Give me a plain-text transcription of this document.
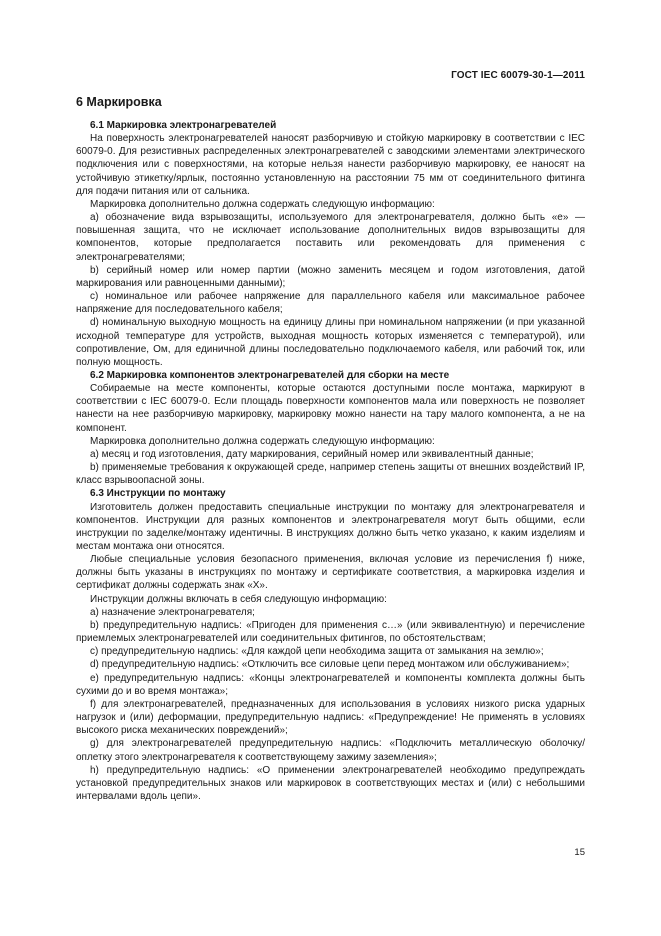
ГОСТ IEC 60079-30-1—2011
6 Маркировка
6.1 Маркировка электронагревателей

На поверхность электронагревателей наносят разборчивую и стойкую маркировку в соответствии с IEC 60079-0. Для резистивных распределенных электронагревателей с заводскими элементами электрического подключения или с поверхностями, на которые нельзя нанести разборчивую маркировку, ее наносят на устойчивую этикетку/ярлык, постоянно установленную на расстоянии 75 мм от соединительного фитинга для подачи питания или от сальника.

Маркировка дополнительно должна содержать следующую информацию:

a) обозначение вида взрывозащиты, используемого для электронагревателя, должно быть «е» — повышенная защита, что не исключает использование дополнительных видов взрывозащиты для компонентов, которые предполагается поставить или рекомендовать для применения с электронагревателями;

b) серийный номер или номер партии (можно заменить месяцем и годом изготовления, датой маркирования или равноценными данными);

c) номинальное или рабочее напряжение для параллельного кабеля или максимальное рабочее напряжение для последовательного кабеля;

d) номинальную выходную мощность на единицу длины при номинальном напряжении (и при указанной исходной температуре для устройств, выходная мощность которых изменяется с температурой), или сопротивление, Ом, для единичной длины последовательно подключаемого кабеля, или рабочий ток, или полную мощность.

6.2 Маркировка компонентов электронагревателей для сборки на месте

Собираемые на месте компоненты, которые остаются доступными после монтажа, маркируют в соответствии с IEC 60079-0. Если площадь поверхности компонентов мала или поверхность не позволяет нанести на нее разборчивую маркировку, маркировку можно нанести на тару малого компонента, а не на компонент.

Маркировка дополнительно должна содержать следующую информацию:

a) месяц и год изготовления, дату маркирования, серийный номер или эквивалентный данные;

b) применяемые требования к окружающей среде, например степень защиты от внешних воздействий IP, класс взрывоопасной зоны.

6.3 Инструкции по монтажу

Изготовитель должен предоставить специальные инструкции по монтажу для электронагревателя и компонентов. Инструкции для разных компонентов и электронагревателя могут быть общими, если инструкции по заделке/монтажу идентичны. В инструкциях должно быть четко указано, к каким изделиям и местам монтажа они относятся.

Любые специальные условия безопасного применения, включая условие из перечисления f) ниже, должны быть указаны в инструкциях по монтажу и сертификате соответствия, а маркировка изделия и сертификат должны содержать знак «X».

Инструкции должны включать в себя следующую информацию:

a) назначение электронагревателя;

b) предупредительную надпись: «Пригоден для применения с…» (или эквивалентную) и перечисление приемлемых электронагревателей или соединительных фитингов, по обстоятельствам;

c) предупредительную надпись: «Для каждой цепи необходима защита от замыкания на землю»;

d) предупредительную надпись: «Отключить все силовые цепи перед монтажом или обслуживанием»;

e) предупредительную надпись: «Концы электронагревателей и компоненты комплекта должны быть сухими до и во время монтажа»;

f) для электронагревателей, предназначенных для использования в условиях низкого риска ударных нагрузок и (или) деформации, предупредительную надпись: «Предупреждение! Не применять в условиях высокого риска механических повреждений»;

g) для электронагревателей предупредительную надпись: «Подключить металлическую оболочку/оплетку этого электронагревателя к соответствующему зажиму заземления»;

h) предупредительную надпись: «О применении электронагревателей необходимо предупреждать установкой предупредительных знаков или маркировок в соответствующих местах и (или) с небольшими интервалами вдоль цепи».

15
